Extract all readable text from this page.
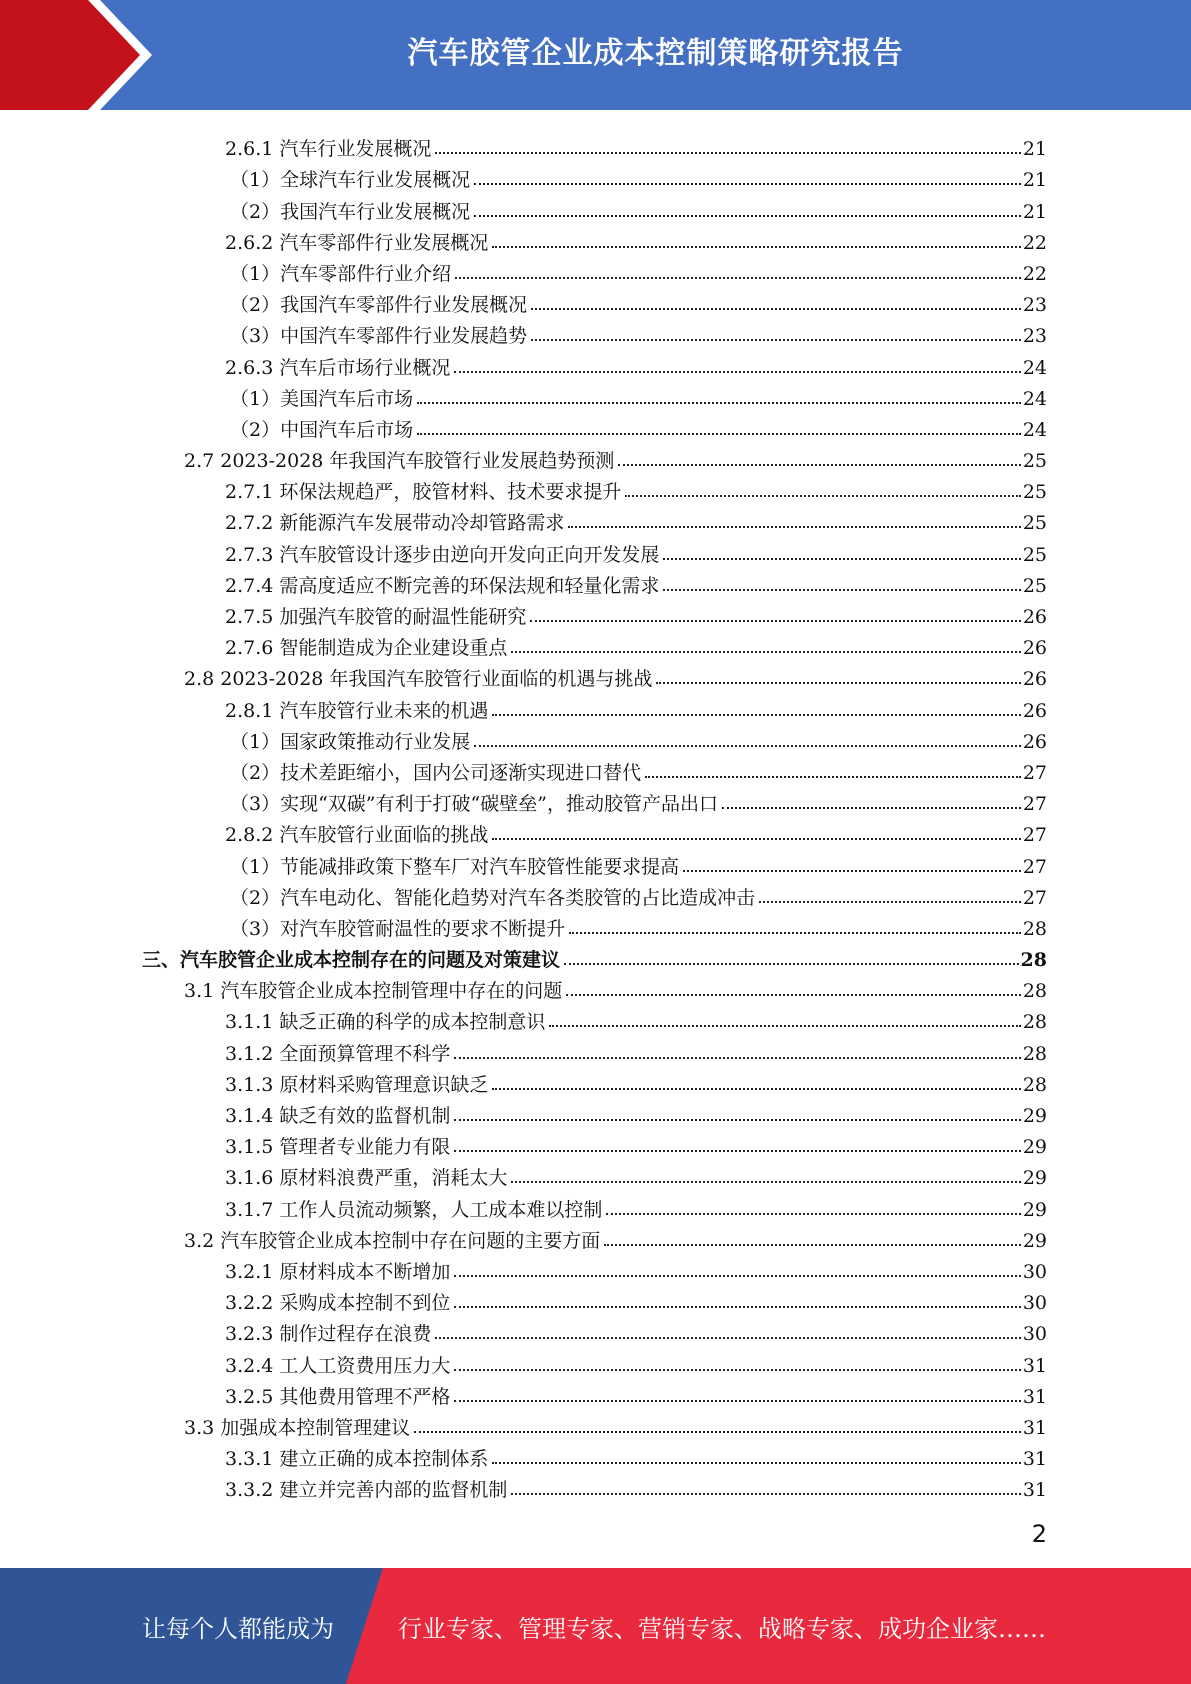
汽车胶管企业成本控制策略研究报告
2.6.1 汽车行业发展概况	21
（1）全球汽车行业发展概况	21
（2）我国汽车行业发展概况	21
2.6.2 汽车零部件行业发展概况	22
（1）汽车零部件行业介绍	22
（2）我国汽车零部件行业发展概况	23
（3）中国汽车零部件行业发展趋势	23
2.6.3 汽车后市场行业概况	24
（1）美国汽车后市场	24
（2）中国汽车后市场	24
2.7 2023-2028 年我国汽车胶管行业发展趋势预测	25
2.7.1 环保法规趋严，胶管材料、技术要求提升	25
2.7.2 新能源汽车发展带动冷却管路需求	25
2.7.3 汽车胶管设计逐步由逆向开发向正向开发发展	25
2.7.4 需高度适应不断完善的环保法规和轻量化需求	25
2.7.5 加强汽车胶管的耐温性能研究	26
2.7.6 智能制造成为企业建设重点	26
2.8 2023-2028 年我国汽车胶管行业面临的机遇与挑战	26
2.8.1 汽车胶管行业未来的机遇	26
（1）国家政策推动行业发展	26
（2）技术差距缩小，国内公司逐渐实现进口替代	27
（3）实现“双碳”有利于打破“碳壁垒”，推动胶管产品出口	27
2.8.2 汽车胶管行业面临的挑战	27
（1）节能减排政策下整车厂对汽车胶管性能要求提高	27
（2）汽车电动化、智能化趋势对汽车各类胶管的占比造成冲击	27
（3）对汽车胶管耐温性的要求不断提升	28
三、汽车胶管企业成本控制存在的问题及对策建议	28
3.1 汽车胶管企业成本控制管理中存在的问题	28
3.1.1 缺乏正确的科学的成本控制意识	28
3.1.2 全面预算管理不科学	28
3.1.3 原材料采购管理意识缺乏	28
3.1.4 缺乏有效的监督机制	29
3.1.5 管理者专业能力有限	29
3.1.6 原材料浪费严重，消耗太大	29
3.1.7 工作人员流动频繁，人工成本难以控制	29
3.2 汽车胶管企业成本控制中存在问题的主要方面	29
3.2.1 原材料成本不断增加	30
3.2.2 采购成本控制不到位	30
3.2.3 制作过程存在浪费	30
3.2.4 工人工资费用压力大	31
3.2.5 其他费用管理不严格	31
3.3 加强成本控制管理建议	31
3.3.1 建立正确的成本控制体系	31
3.3.2 建立并完善内部的监督机制	31
2
让每个人都能成为	行业专家、管理专家、营销专家、战略专家、成功企业家……
